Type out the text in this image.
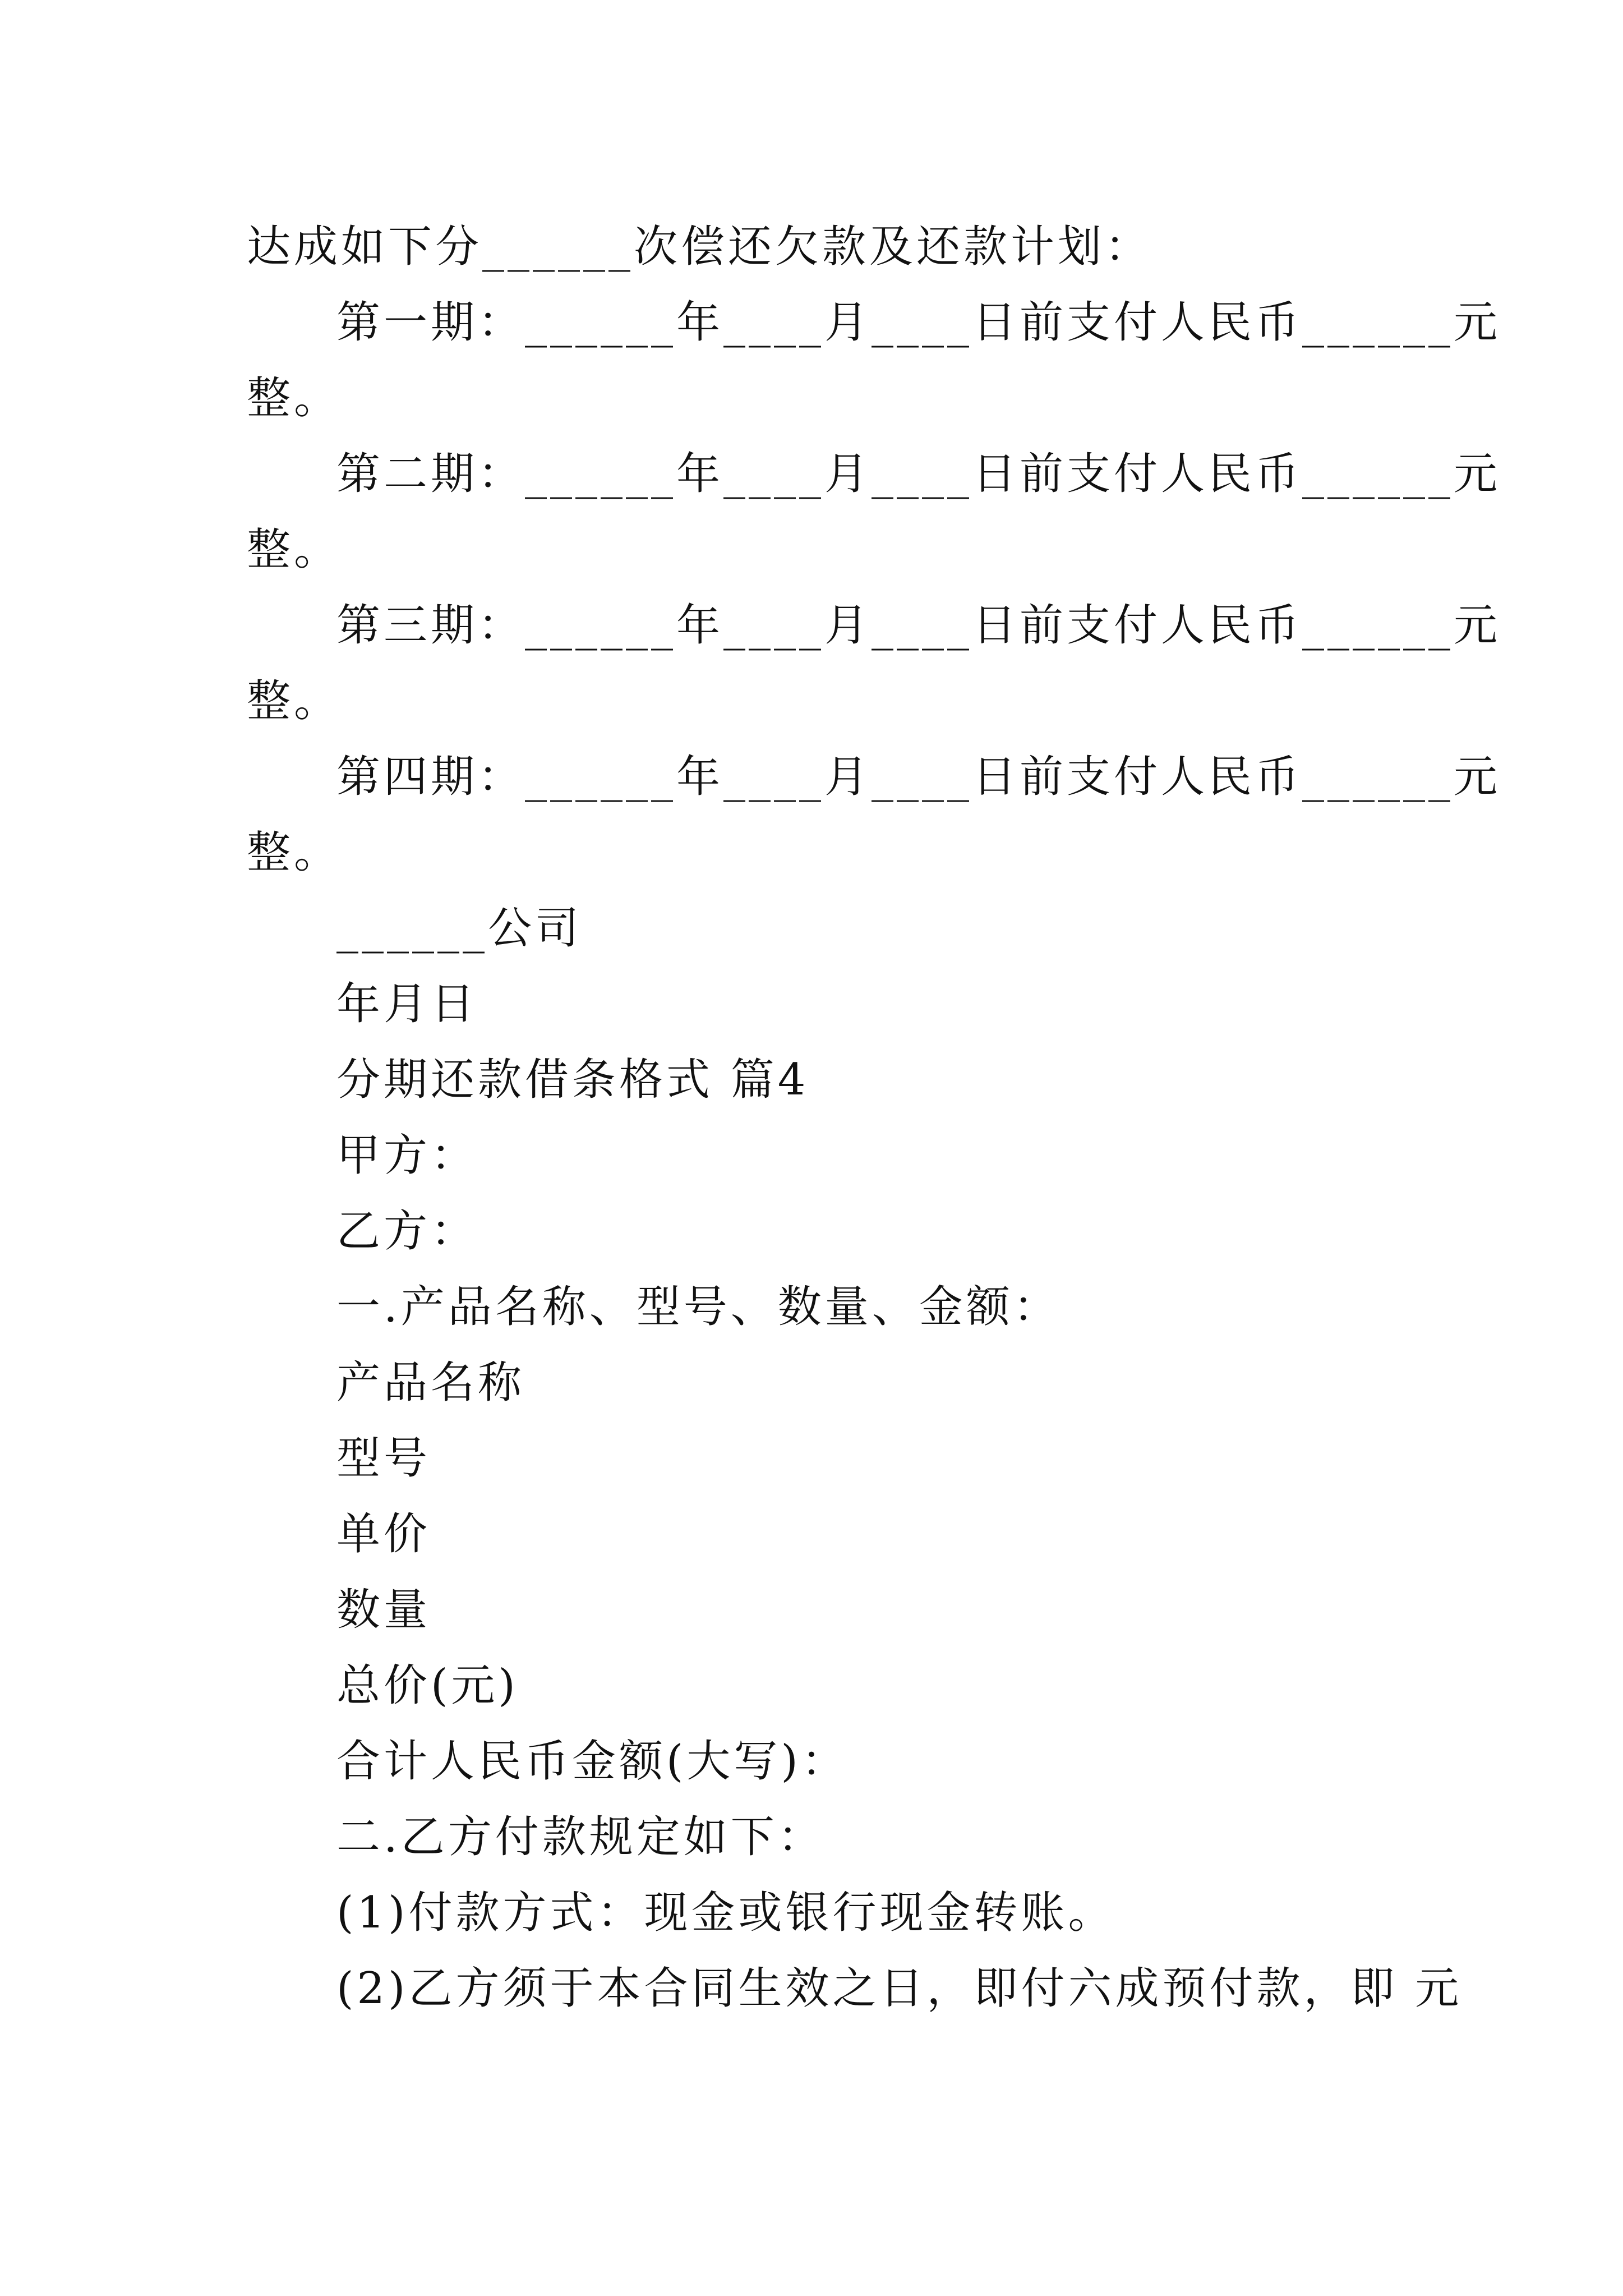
达成如下分______次偿还欠款及还款计划：
第一期：______年____月____日前支付人民币______元
整。
第二期：______年____月____日前支付人民币______元
整。
第三期：______年____月____日前支付人民币______元
整。
第四期：______年____月____日前支付人民币______元
整。
______公司
年月日
分期还款借条格式 篇4
甲方：
乙方：
一.产品名称、型号、数量、金额：
产品名称
型号
单价
数量
总价(元)
合计人民币金额(大写)：
二.乙方付款规定如下：
(1)付款方式：现金或银行现金转账。
(2)乙方须于本合同生效之日，即付六成预付款，即 元
